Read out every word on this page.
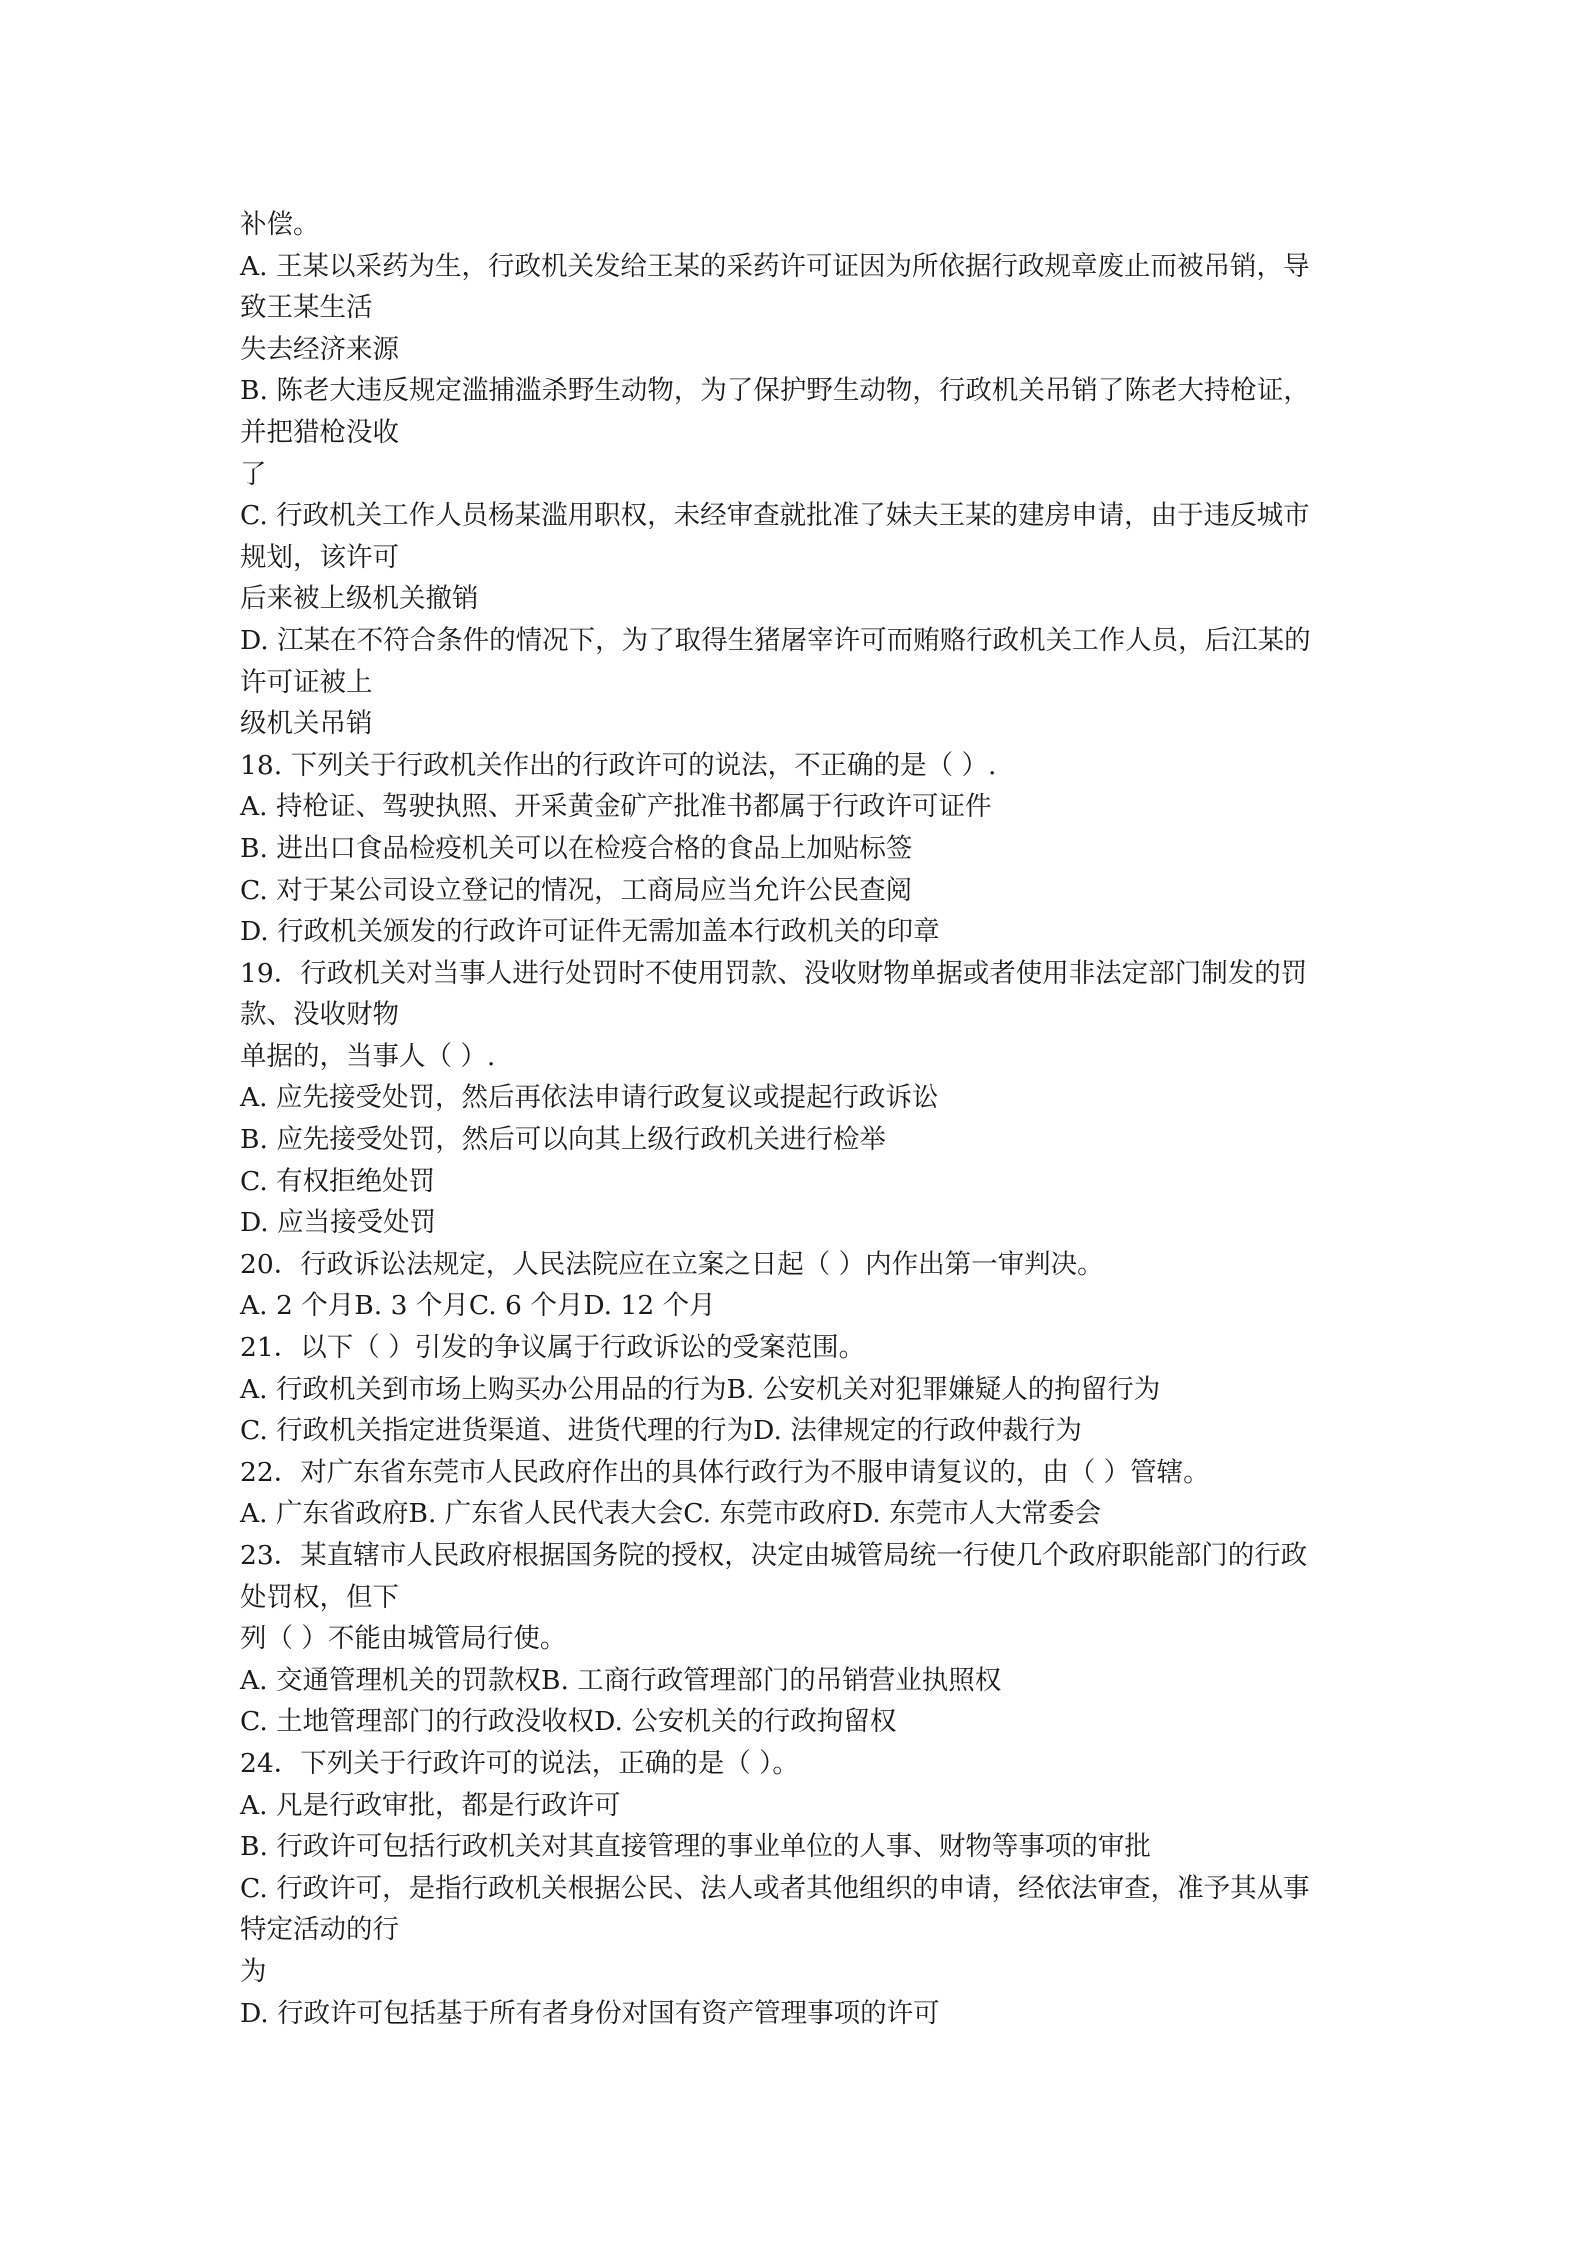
补偿。
A. 王某以采药为生，行政机关发给王某的采药许可证因为所依据行政规章废止而被吊销，导
致王某生活
失去经济来源
B. 陈老大违反规定滥捕滥杀野生动物，为了保护野生动物，行政机关吊销了陈老大持枪证，
并把猎枪没收
了
C. 行政机关工作人员杨某滥用职权，未经审查就批准了妹夫王某的建房申请，由于违反城市
规划，该许可
后来被上级机关撤销
D. 江某在不符合条件的情况下，为了取得生猪屠宰许可而贿赂行政机关工作人员，后江某的
许可证被上
级机关吊销
18. 下列关于行政机关作出的行政许可的说法，不正确的是（ ）.
A. 持枪证、驾驶执照、开采黄金矿产批准书都属于行政许可证件
B. 进出口食品检疫机关可以在检疫合格的食品上加贴标签
C. 对于某公司设立登记的情况，工商局应当允许公民查阅
D. 行政机关颁发的行政许可证件无需加盖本行政机关的印章
19．行政机关对当事人进行处罚时不使用罚款、没收财物单据或者使用非法定部门制发的罚
款、没收财物
单据的，当事人（ ）.
A. 应先接受处罚，然后再依法申请行政复议或提起行政诉讼
B. 应先接受处罚，然后可以向其上级行政机关进行检举
C. 有权拒绝处罚
D. 应当接受处罚
20．行政诉讼法规定，人民法院应在立案之日起（ ）内作出第一审判决。
A. 2 个月B. 3 个月C. 6 个月D. 12 个月
21．以下（ ）引发的争议属于行政诉讼的受案范围。
A. 行政机关到市场上购买办公用品的行为B. 公安机关对犯罪嫌疑人的拘留行为
C. 行政机关指定进货渠道、进货代理的行为D. 法律规定的行政仲裁行为
22．对广东省东莞市人民政府作出的具体行政行为不服申请复议的，由（ ）管辖。
A. 广东省政府B. 广东省人民代表大会C. 东莞市政府D. 东莞市人大常委会
23．某直辖市人民政府根据国务院的授权，决定由城管局统一行使几个政府职能部门的行政
处罚权，但下
列（ ）不能由城管局行使。
A. 交通管理机关的罚款权B. 工商行政管理部门的吊销营业执照权
C. 土地管理部门的行政没收权D. 公安机关的行政拘留权
24．下列关于行政许可的说法，正确的是（ ）。
A. 凡是行政审批，都是行政许可
B. 行政许可包括行政机关对其直接管理的事业单位的人事、财物等事项的审批
C. 行政许可，是指行政机关根据公民、法人或者其他组织的申请，经依法审查，准予其从事
特定活动的行
为
D. 行政许可包括基于所有者身份对国有资产管理事项的许可
